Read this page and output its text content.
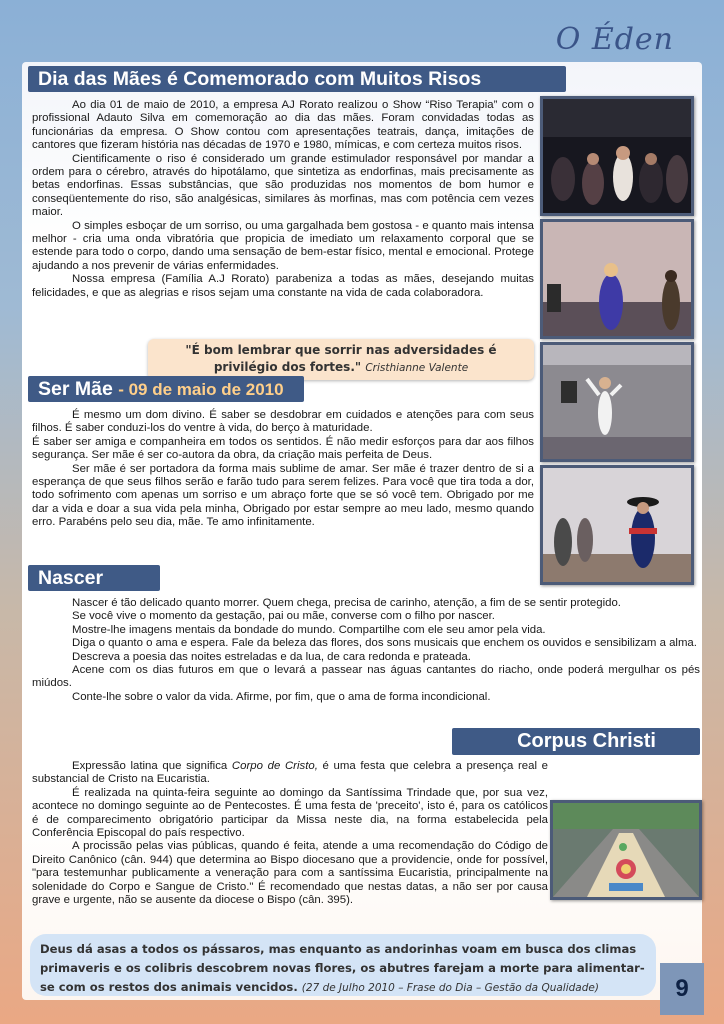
O Éden
Dia das Mães é Comemorado com Muitos Risos

Ao dia 01 de maio de 2010, a empresa AJ Rorato realizou o Show “Riso Terapia” com o profissional Adauto Silva em comemoração ao dia das mães. Foram convidadas todas as funcionárias da empresa. O Show contou com apresentações teatrais, dança, imitações de cantores que fizeram história nas décadas de 1970 e 1980, mímicas, e com certeza muitos risos.

Cientificamente o riso é considerado um grande estimulador responsável por mandar a ordem para o cérebro, através do hipotálamo, que sintetiza as endorfinas, mais precisamente as betas endorfinas. Essas substâncias, que são produzidas nos momentos de bom humor e conseqüentemente do riso, são analgésicas, similares às morfinas, mas com potência cem vezes maior.

O simples esboçar de um sorriso, ou uma gargalhada bem gostosa - e quanto mais intensa melhor - cria uma onda vibratória que propicia de imediato um relaxamento corporal que se estende para todo o corpo, dando uma sensação de bem-estar físico, mental e emocional. Protege ajudando a nos prevenir de várias enfermidades.

Nossa empresa (Família A.J Rorato) parabeniza a todas as mães, desejando muitas felicidades, e que as alegrias e risos sejam uma constante na vida de cada colaboradora.

"É bom lembrar que sorrir nas adversidades é privilégio dos fortes." Cristhianne Valente
Ser Mãe - 09 de maio de 2010

É mesmo um dom divino. É saber se desdobrar em cuidados e atenções para com seus filhos. É saber conduzi-los do ventre à vida, do berço à maturidade.

É saber ser amiga e companheira em todos os sentidos. É não medir esforços para dar aos filhos segurança. Ser mãe é ser co-autora da obra, da criação mais perfeita de Deus.

Ser mãe é ser portadora da forma mais sublime de amar. Ser mãe é trazer dentro de si a esperança de que seus filhos serão e farão tudo para serem felizes. Para você que tira toda a dor, todo sofrimento com apenas um sorriso e um abraço forte que se só você tem. Obrigado por me dar a vida e doar a sua vida pela minha, Obrigado por estar sempre ao meu lado, mesmo quando erro. Parabéns pelo seu dia, mãe. Te amo infinitamente.

Nascer

Nascer é tão delicado quanto morrer. Quem chega, precisa de carinho, atenção, a fim de se sentir protegido.

Se você vive o momento da gestação, pai ou mãe, converse com o filho por nascer.

Mostre-lhe imagens mentais da bondade do mundo. Compartilhe com ele seu amor pela vida.

Diga o quanto o ama e espera. Fale da beleza das flores, dos sons musicais que enchem os ouvidos e sensibilizam a alma.

Descreva a poesia das noites estreladas e da lua, de cara redonda e prateada.

Acene com os dias futuros em que o levará a passear nas águas cantantes do riacho, onde poderá mergulhar os pés miúdos.

Conte-lhe sobre o valor da vida. Afirme, por fim, que o ama de forma incondicional.

Corpus Christi

Expressão latina que significa Corpo de Cristo, é uma festa que celebra a presença real e substancial de Cristo na Eucaristia.

É realizada na quinta-feira seguinte ao domingo da Santíssima Trindade que, por sua vez, acontece no domingo seguinte ao de Pentecostes. É uma festa de 'preceito', isto é, para os católicos é de comparecimento obrigatório participar da Missa neste dia, na forma estabelecida pela Conferência Episcopal do país respectivo.

A procissão pelas vias públicas, quando é feita, atende a uma recomendação do Código de Direito Canônico (cân. 944) que determina ao Bispo diocesano que a providencie, onde for possível, "para testemunhar publicamente a veneração para com a santíssima Eucaristia, principalmente na solenidade do Corpo e Sangue de Cristo." É recomendado que nestas datas, a não ser por causa grave e urgente, não se ausente da diocese o Bispo (cân. 395).

Deus dá asas a todos os pássaros, mas enquanto as andorinhas voam em busca dos climas primaveris e os colibris descobrem novas flores, os abutres farejam a morte para alimentar-se com os restos dos animais vencidos. (27 de Julho 2010 – Frase do Dia – Gestão da Qualidade)	9
